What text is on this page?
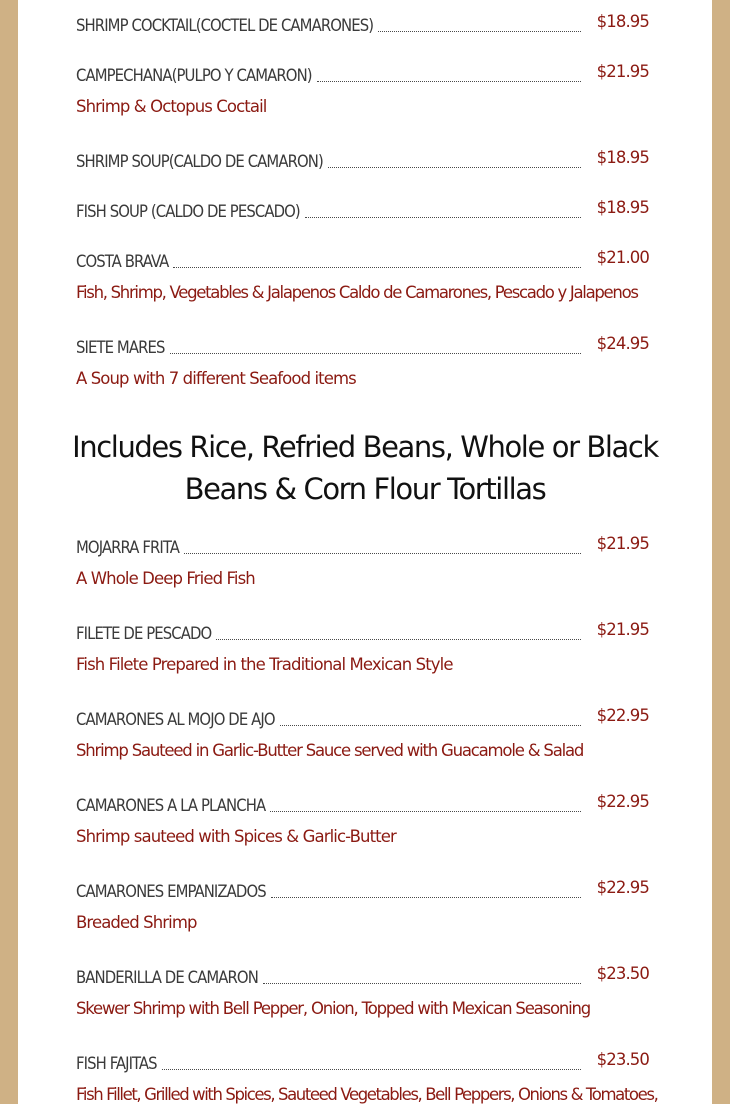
SHRIMP COCKTAIL(COCTEL DE CAMARONES)	$18.95
CAMPECHANA(PULPO Y CAMARON)	$21.95
Shrimp & Octopus Coctail
SHRIMP SOUP(CALDO DE CAMARON)	$18.95
FISH SOUP (CALDO DE PESCADO)	$18.95
COSTA BRAVA	$21.00
Fish, Shrimp, Vegetables & Jalapenos Caldo de Camarones, Pescado y Jalapenos
SIETE MARES	$24.95
A Soup with 7 different Seafood items
Includes Rice, Refried Beans, Whole or Black Beans & Corn Flour Tortillas
MOJARRA FRITA	$21.95
A Whole Deep Fried Fish
FILETE DE PESCADO	$21.95
Fish Filete Prepared in the Traditional Mexican Style
CAMARONES AL MOJO DE AJO	$22.95
Shrimp Sauteed in Garlic-Butter Sauce served with Guacamole & Salad
CAMARONES A LA PLANCHA	$22.95
Shrimp sauteed with Spices & Garlic-Butter
CAMARONES EMPANIZADOS	$22.95
Breaded Shrimp
BANDERILLA DE CAMARON	$23.50
Skewer Shrimp with Bell Pepper, Onion, Topped with Mexican Seasoning
FISH FAJITAS	$23.50
Fish Fillet, Grilled with Spices, Sauteed Vegetables, Bell Peppers, Onions & Tomatoes,
